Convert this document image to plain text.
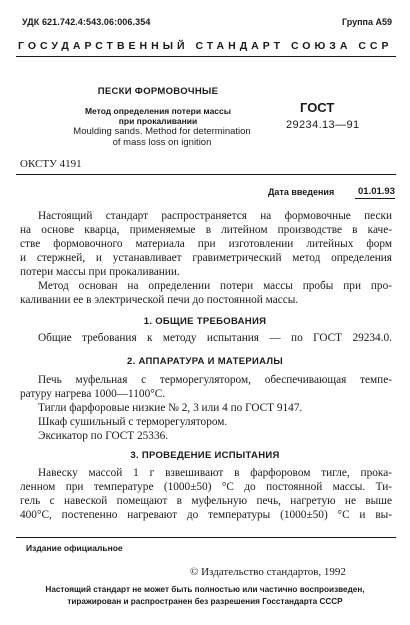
УДК 621.742.4:543.06:006.354	Группа А59
ГОСУДАРСТВЕННЫЙ СТАНДАРТ СОЮЗА ССР
ПЕСКИ ФОРМОВОЧНЫЕ
Метод определения потери массы
при прокаливании
Moulding sands. Method for determination
of mass loss on ignition
ГОСТ
29234.13—91
ОКСТУ 4191
Дата введения	01.01.93
Настоящий стандарт распространяется на формовочные пески
на основе кварца, применяемые в литейном производстве в каче-
стве формовочного материала при изготовлении литейных форм
и стержней, и устанавливает гравиметрический метод определения
потери массы при прокаливании.
Метод основан на определении потери массы пробы при про-
каливании ее в электрической печи до постоянной массы.
1. ОБЩИЕ ТРЕБОВАНИЯ
Общие требования к методу испытания — по ГОСТ 29234.0.
2. АППАРАТУРА И МАТЕРИАЛЫ
Печь муфельная с терморегулятором, обеспечивающая темпе-
ратуру нагрева 1000—1100°С.
Тигли фарфоровые низкие № 2, 3 или 4 по ГОСТ 9147.
Шкаф сушильный с терморегулятором.
Эксикатор по ГОСТ 25336.
3. ПРОВЕДЕНИЕ ИСПЫТАНИЯ
Навеску массой 1 г взвешивают в фарфоровом тигле, прока-
ленном при температуре (1000±50) °С до постоянной массы. Ти-
гель с навеской помещают в муфельную печь, нагретую не выше
400°С, постепенно нагревают до температуры (1000±50) °С и вы-
Издание официальное
© Издательство стандартов, 1992
Настоящий стандарт не может быть полностью или частично воспроизведен,
тиражирован и распространен без разрешения Госстандарта СССР
